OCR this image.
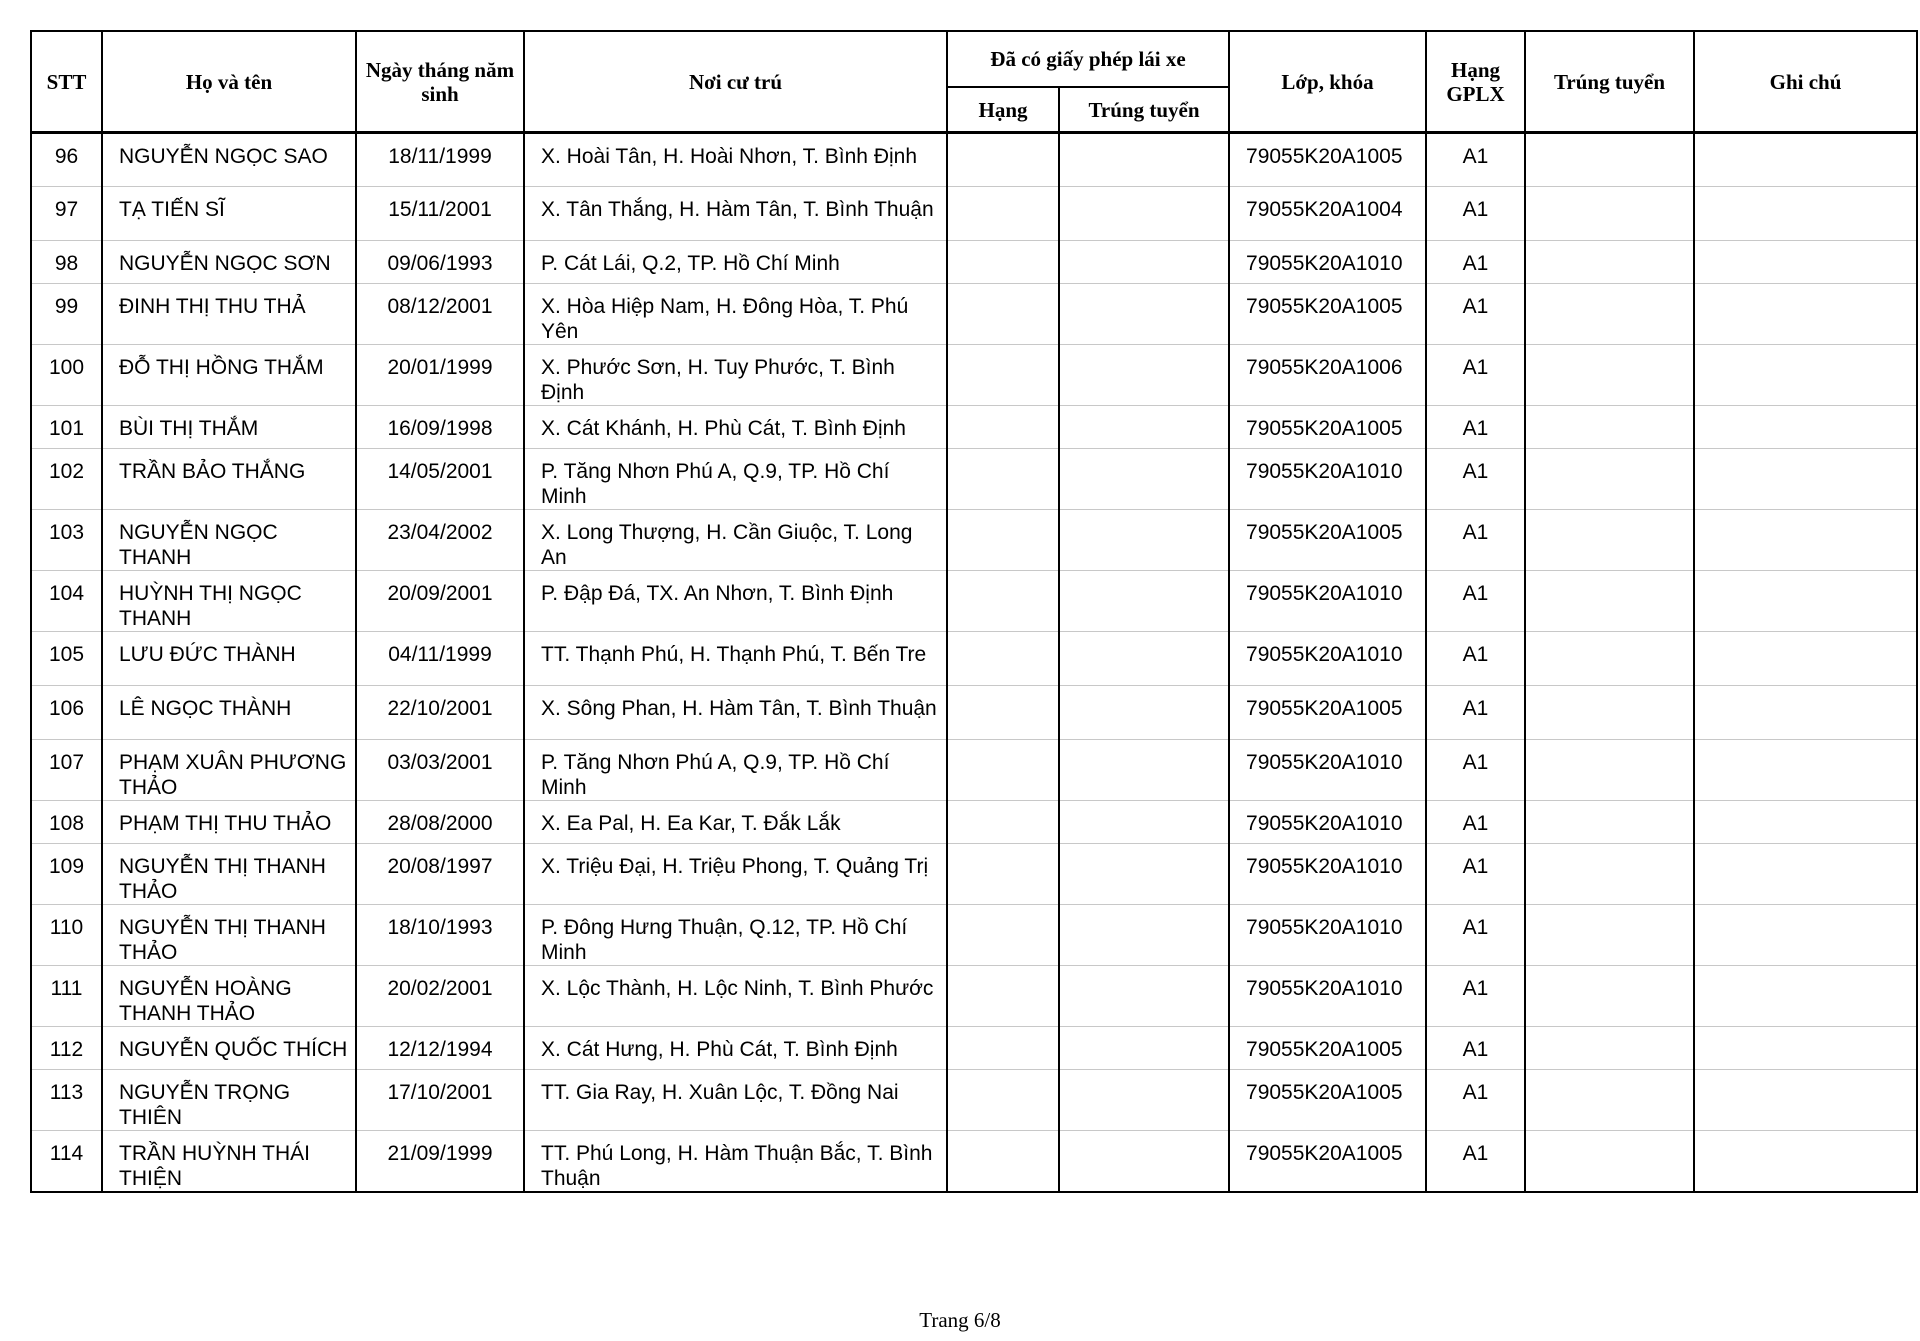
STT	Họ và tên	Ngày tháng năm sinh	Nơi cư trú	Đã có giấy phép lái xe		Lớp, khóa	Hạng GPLX	Trúng tuyển	Ghi chú
				Hạng	Trúng tuyển				
96	NGUYỄN NGỌC SAO	18/11/1999	X. Hoài Tân, H. Hoài Nhơn, T. Bình Định			79055K20A1005	A1		
97	TẠ TIẾN SĨ	15/11/2001	X. Tân Thắng, H. Hàm Tân, T. Bình Thuận			79055K20A1004	A1		
98	NGUYỄN NGỌC SƠN	09/06/1993	P. Cát Lái, Q.2, TP. Hồ Chí Minh			79055K20A1010	A1		
99	ĐINH THỊ THU THẢ	08/12/2001	X. Hòa Hiệp Nam, H. Đông Hòa, T. Phú Yên			79055K20A1005	A1		
100	ĐỖ THỊ HỒNG THẮM	20/01/1999	X. Phước Sơn, H. Tuy Phước, T. Bình Định			79055K20A1006	A1		
101	BÙI THỊ THẮM	16/09/1998	X. Cát Khánh, H. Phù Cát, T. Bình Định			79055K20A1005	A1		
102	TRẦN BẢO THẮNG	14/05/2001	P. Tăng Nhơn Phú A, Q.9, TP. Hồ Chí Minh			79055K20A1010	A1		
103	NGUYỄN NGỌC THANH	23/04/2002	X. Long Thượng, H. Cần Giuộc, T. Long An			79055K20A1005	A1		
104	HUỲNH THỊ NGỌC THANH	20/09/2001	P. Đập Đá, TX. An Nhơn, T. Bình Định			79055K20A1010	A1		
105	LƯU ĐỨC THÀNH	04/11/1999	TT. Thạnh Phú, H. Thạnh Phú, T. Bến Tre			79055K20A1010	A1		
106	LÊ NGỌC THÀNH	22/10/2001	X. Sông Phan, H. Hàm Tân, T. Bình Thuận			79055K20A1005	A1		
107	PHẠM XUÂN PHƯƠNG THẢO	03/03/2001	P. Tăng Nhơn Phú A, Q.9, TP. Hồ Chí Minh			79055K20A1010	A1		
108	PHẠM THỊ THU THẢO	28/08/2000	X. Ea Pal, H. Ea Kar, T. Đắk Lắk			79055K20A1010	A1		
109	NGUYỄN THỊ THANH THẢO	20/08/1997	X. Triệu Đại, H. Triệu Phong, T. Quảng Trị			79055K20A1010	A1		
110	NGUYỄN THỊ THANH THẢO	18/10/1993	P. Đông Hưng Thuận, Q.12, TP. Hồ Chí Minh			79055K20A1010	A1		
111	NGUYỄN HOÀNG THANH THẢO	20/02/2001	X. Lộc Thành, H. Lộc Ninh, T. Bình Phước			79055K20A1010	A1		
112	NGUYỄN QUỐC THÍCH	12/12/1994	X. Cát Hưng, H. Phù Cát, T. Bình Định			79055K20A1005	A1		
113	NGUYỄN TRỌNG THIÊN	17/10/2001	TT. Gia Ray, H. Xuân Lộc, T. Đồng Nai			79055K20A1005	A1		
114	TRẦN HUỲNH THÁI THIỆN	21/09/1999	TT. Phú Long, H. Hàm Thuận Bắc, T. Bình Thuận			79055K20A1005	A1		
Trang 6/8
